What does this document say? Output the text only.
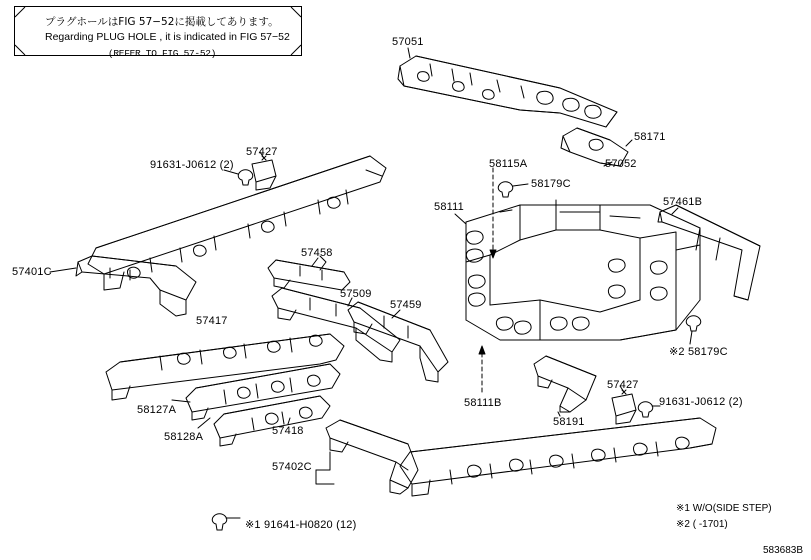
プラグホールはFIG 57−52に掲載してあります。
Regarding PLUG HOLE , it is indicated in FIG 57−52
(REFER TO FIG 57-52)
57051
58171
58115A	57052
57427
91631-J0612 (2)
58179C
58111	57461B
57401C
57458
57509
57459
57417
※2 58179C
58127A
58128A	57418
58111B
58191
57427
91631-J0612 (2)
57402C
※1 91641-H0820 (12)
※1 W/O(SIDE STEP)
※2 ( -1701)
583683B
